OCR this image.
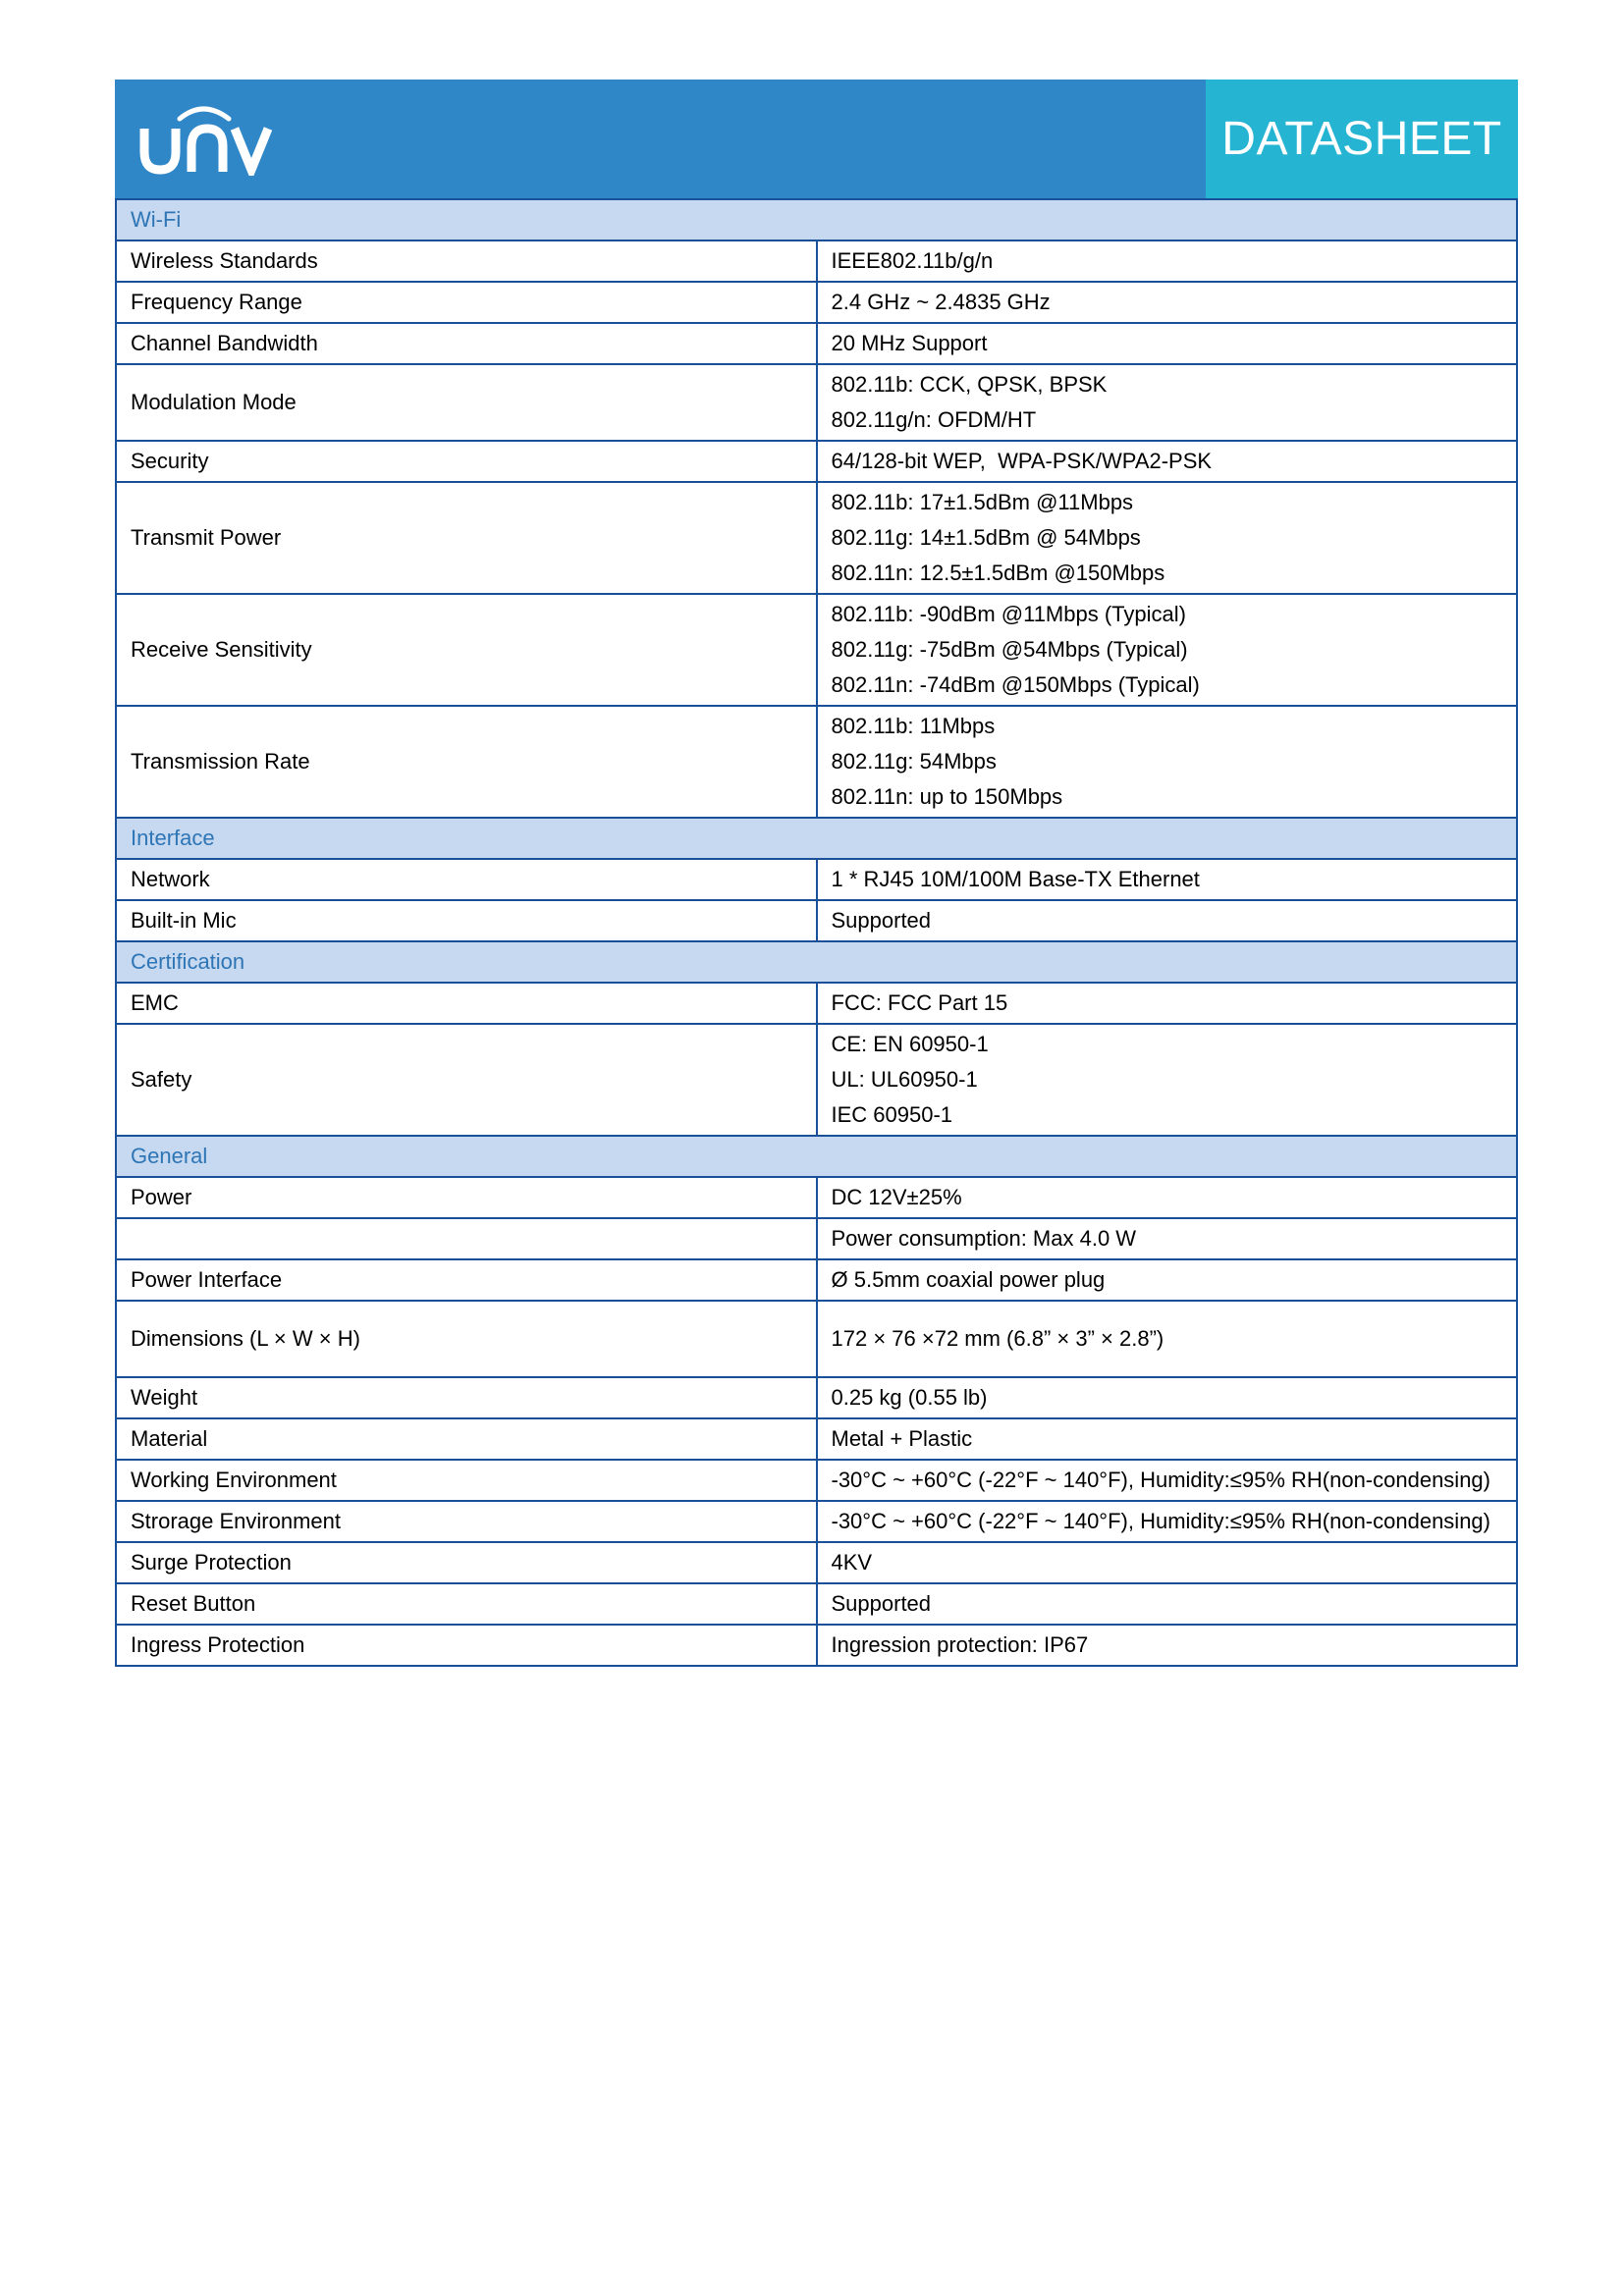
DATASHEET
Wi-Fi	
Wireless Standards	IEEE802.11b/g/n
Frequency Range	2.4 GHz ~ 2.4835 GHz
Channel Bandwidth	20 MHz Support
Modulation Mode	802.11b: CCK, QPSK, BPSK
802.11g/n: OFDM/HT

Security	64/128-bit WEP,  WPA-PSK/WPA2-PSK
Transmit Power	802.11b: 17±1.5dBm @11Mbps
802.11g: 14±1.5dBm @ 54Mbps
802.11n: 12.5±1.5dBm @150Mbps

Receive Sensitivity	802.11b: -90dBm @11Mbps (Typical)
802.11g: -75dBm @54Mbps (Typical)
802.11n: -74dBm @150Mbps (Typical)

Transmission Rate	802.11b: 11Mbps
802.11g: 54Mbps
802.11n: up to 150Mbps

Interface	
Network	1 * RJ45 10M/100M Base-TX Ethernet
Built-in Mic	Supported
Certification	
EMC	FCC: FCC Part 15
Safety	CE: EN 60950-1
UL: UL60950-1
IEC 60950-1

General	
Power	DC 12V±25%
	Power consumption: Max 4.0 W
Power Interface	Ø 5.5mm coaxial power plug
Dimensions (L × W × H)	172 × 76 ×72 mm (6.8” × 3” × 2.8”)
Weight	0.25 kg (0.55 lb)
Material	Metal + Plastic
Working Environment	-30°C ~ +60°C (-22°F ~ 140°F), Humidity:≤95% RH(non-condensing)
Strorage Environment	-30°C ~ +60°C (-22°F ~ 140°F), Humidity:≤95% RH(non-condensing)
Surge Protection	4KV
Reset Button	Supported
Ingress Protection	Ingression protection: IP67
